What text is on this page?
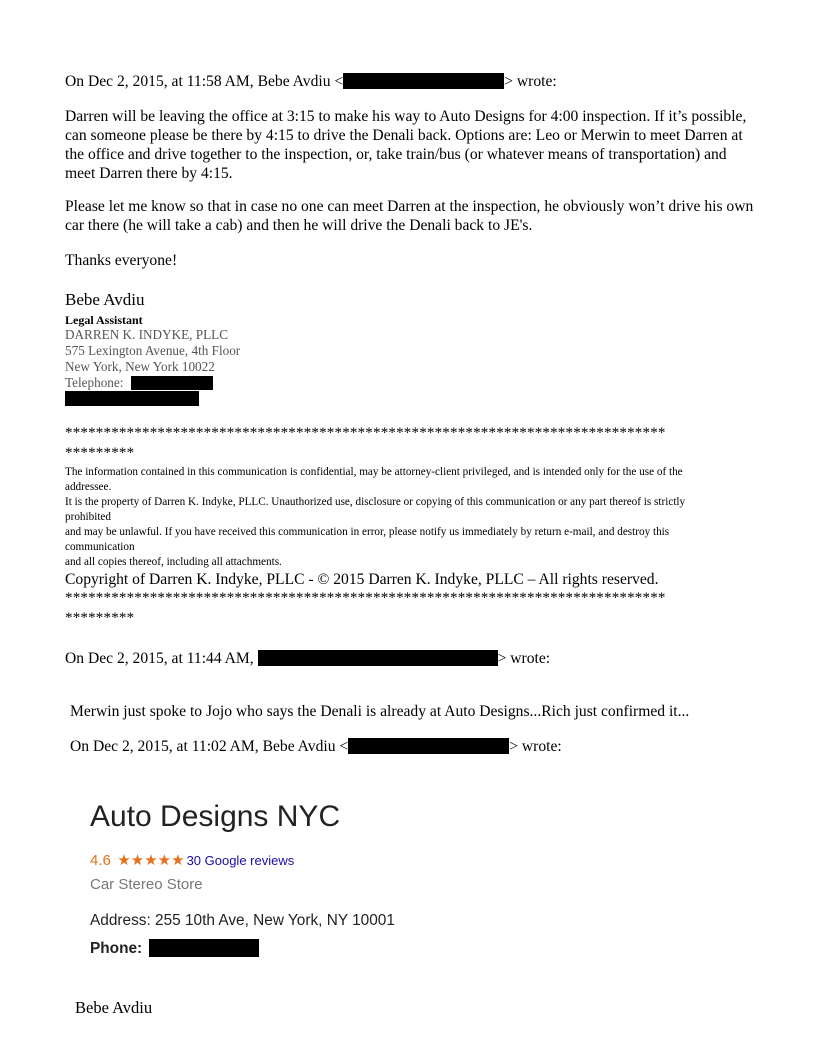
On Dec 2, 2015, at 11:58 AM, Bebe Avdiu <	> wrote:
Darren will be leaving the office at 3:15 to make his way to Auto Designs for 4:00 inspection. If it’s possible, can someone please be there by 4:15 to drive the Denali back. Options are: Leo or Merwin to meet Darren at the office and drive together to the inspection, or, take train/bus (or whatever means of transportation) and meet Darren there by 4:15.
Please let me know so that in case no one can meet Darren at the inspection, he obviously won’t drive his own car there (he will take a cab) and then he will drive the Denali back to JE's.
Thanks everyone!
Bebe Avdiu
Legal Assistant
DARREN K. INDYKE, PLLC
575 Lexington Avenue, 4th Floor
New York, New York 10022
Telephone:
******************************************************************************
*********
The information contained in this communication is confidential, may be attorney-client privileged, and is intended only for the use of the
addressee.
It is the property of Darren K. Indyke, PLLC. Unauthorized use, disclosure or copying of this communication or any part thereof is strictly
prohibited
and may be unlawful. If you have received this communication in error, please notify us immediately by return e-mail, and destroy this
communication
and all copies thereof, including all attachments.
Copyright of Darren K. Indyke, PLLC - © 2015 Darren K. Indyke, PLLC – All rights reserved.
******************************************************************************
*********
On Dec 2, 2015, at 11:44 AM,	> wrote:
Merwin just spoke to Jojo who says the Denali is already at Auto Designs...Rich just confirmed it...
On Dec 2, 2015, at 11:02 AM, Bebe Avdiu <	> wrote:
Auto Designs NYC
4.6 ★★★★★ 30 Google reviews
Car Stereo Store
Address: 255 10th Ave, New York, NY 10001
Phone:
Bebe Avdiu
